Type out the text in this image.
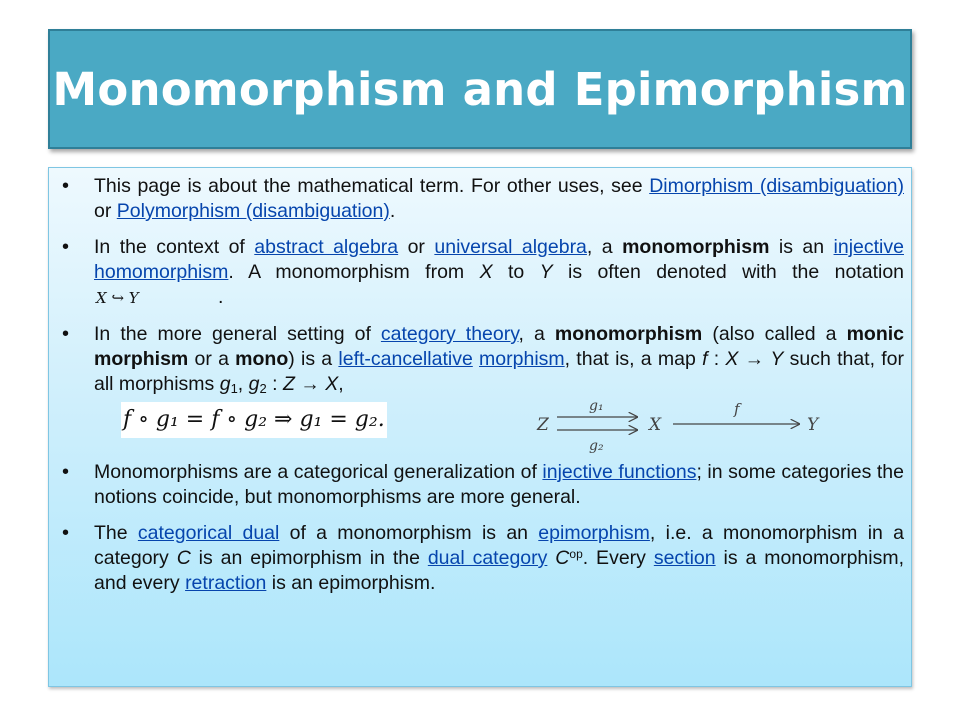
Monomorphism and Epimorphism
• This page is about the mathematical term. For other uses, see Dimorphism (disambiguation) or Polymorphism (disambiguation).
• In the context of abstract algebra or universal algebra, a monomorphism is an injective homomorphism. A monomorphism from X to Y is often denoted with the notation X ↪ Y	.
• In the more general setting of category theory, a monomorphism (also called a monic morphism or a mono) is a left-cancellative morphism, that is, a map f : X → Y such that, for all morphisms $g_1$, $g_2$ : Z → X,
f ∘ g₁ = f ∘ g₂ ⇒ g₁ = g₂.	Z
g₁
g₂
X
f
Y
• Monomorphisms are a categorical generalization of injective functions; in some categories the notions coincide, but monomorphisms are more general.
• The categorical dual of a monomorphism is an epimorphism, i.e. a monomorphism in a category C is an epimorphism in the dual category $C^{op}$. Every section is a monomorphism, and every retraction is an epimorphism.
